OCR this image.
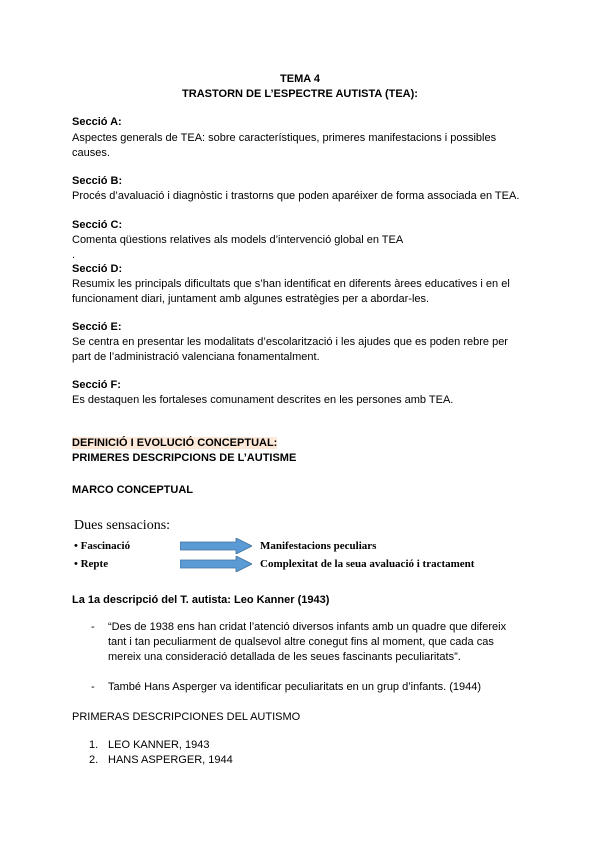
TEMA 4
TRASTORN DE L’ESPECTRE AUTISTA (TEA):
Secció A:
Aspectes generals de TEA: sobre característiques, primeres manifestacions i possibles
causes.
Secció B:
Procés d’avaluació i diagnòstic i trastorns que poden aparéixer de forma associada en TEA.
Secció C:
Comenta qüestions relatives als models d’intervenció global en TEA
.
Secció D:
Resumix les principals dificultats que s’han identificat en diferents àrees educatives i en el
funcionament diari, juntament amb algunes estratègies per a abordar-les.
Secció E:
Se centra en presentar les modalitats d’escolarització i les ajudes que es poden rebre per
part de l’administració valenciana fonamentalment.
Secció F:
Es destaquen les fortaleses comunament descrites en les persones amb TEA.
DEFINICIÓ I EVOLUCIÓ CONCEPTUAL:
PRIMERES DESCRIPCIONS DE L’AUTISME
MARCO CONCEPTUAL
Dues sensacions:
• Fascinació
• Repte
Manifestacions peculiars
Complexitat de la seua avaluació i tractament
La 1a descripció del T. autista: Leo Kanner (1943)
- “Des de 1938 ens han cridat l’atenció diversos infants amb un quadre que difereix
tant i tan peculiarment de qualsevol altre conegut fins al moment, que cada cas
mereix una consideració detallada de les seues fascinants peculiaritats”.
- També Hans Asperger va identificar peculiaritats en un grup d’infants. (1944)
PRIMERAS DESCRIPCIONES DEL AUTISMO
1. LEO KANNER, 1943
2. HANS ASPERGER, 1944
